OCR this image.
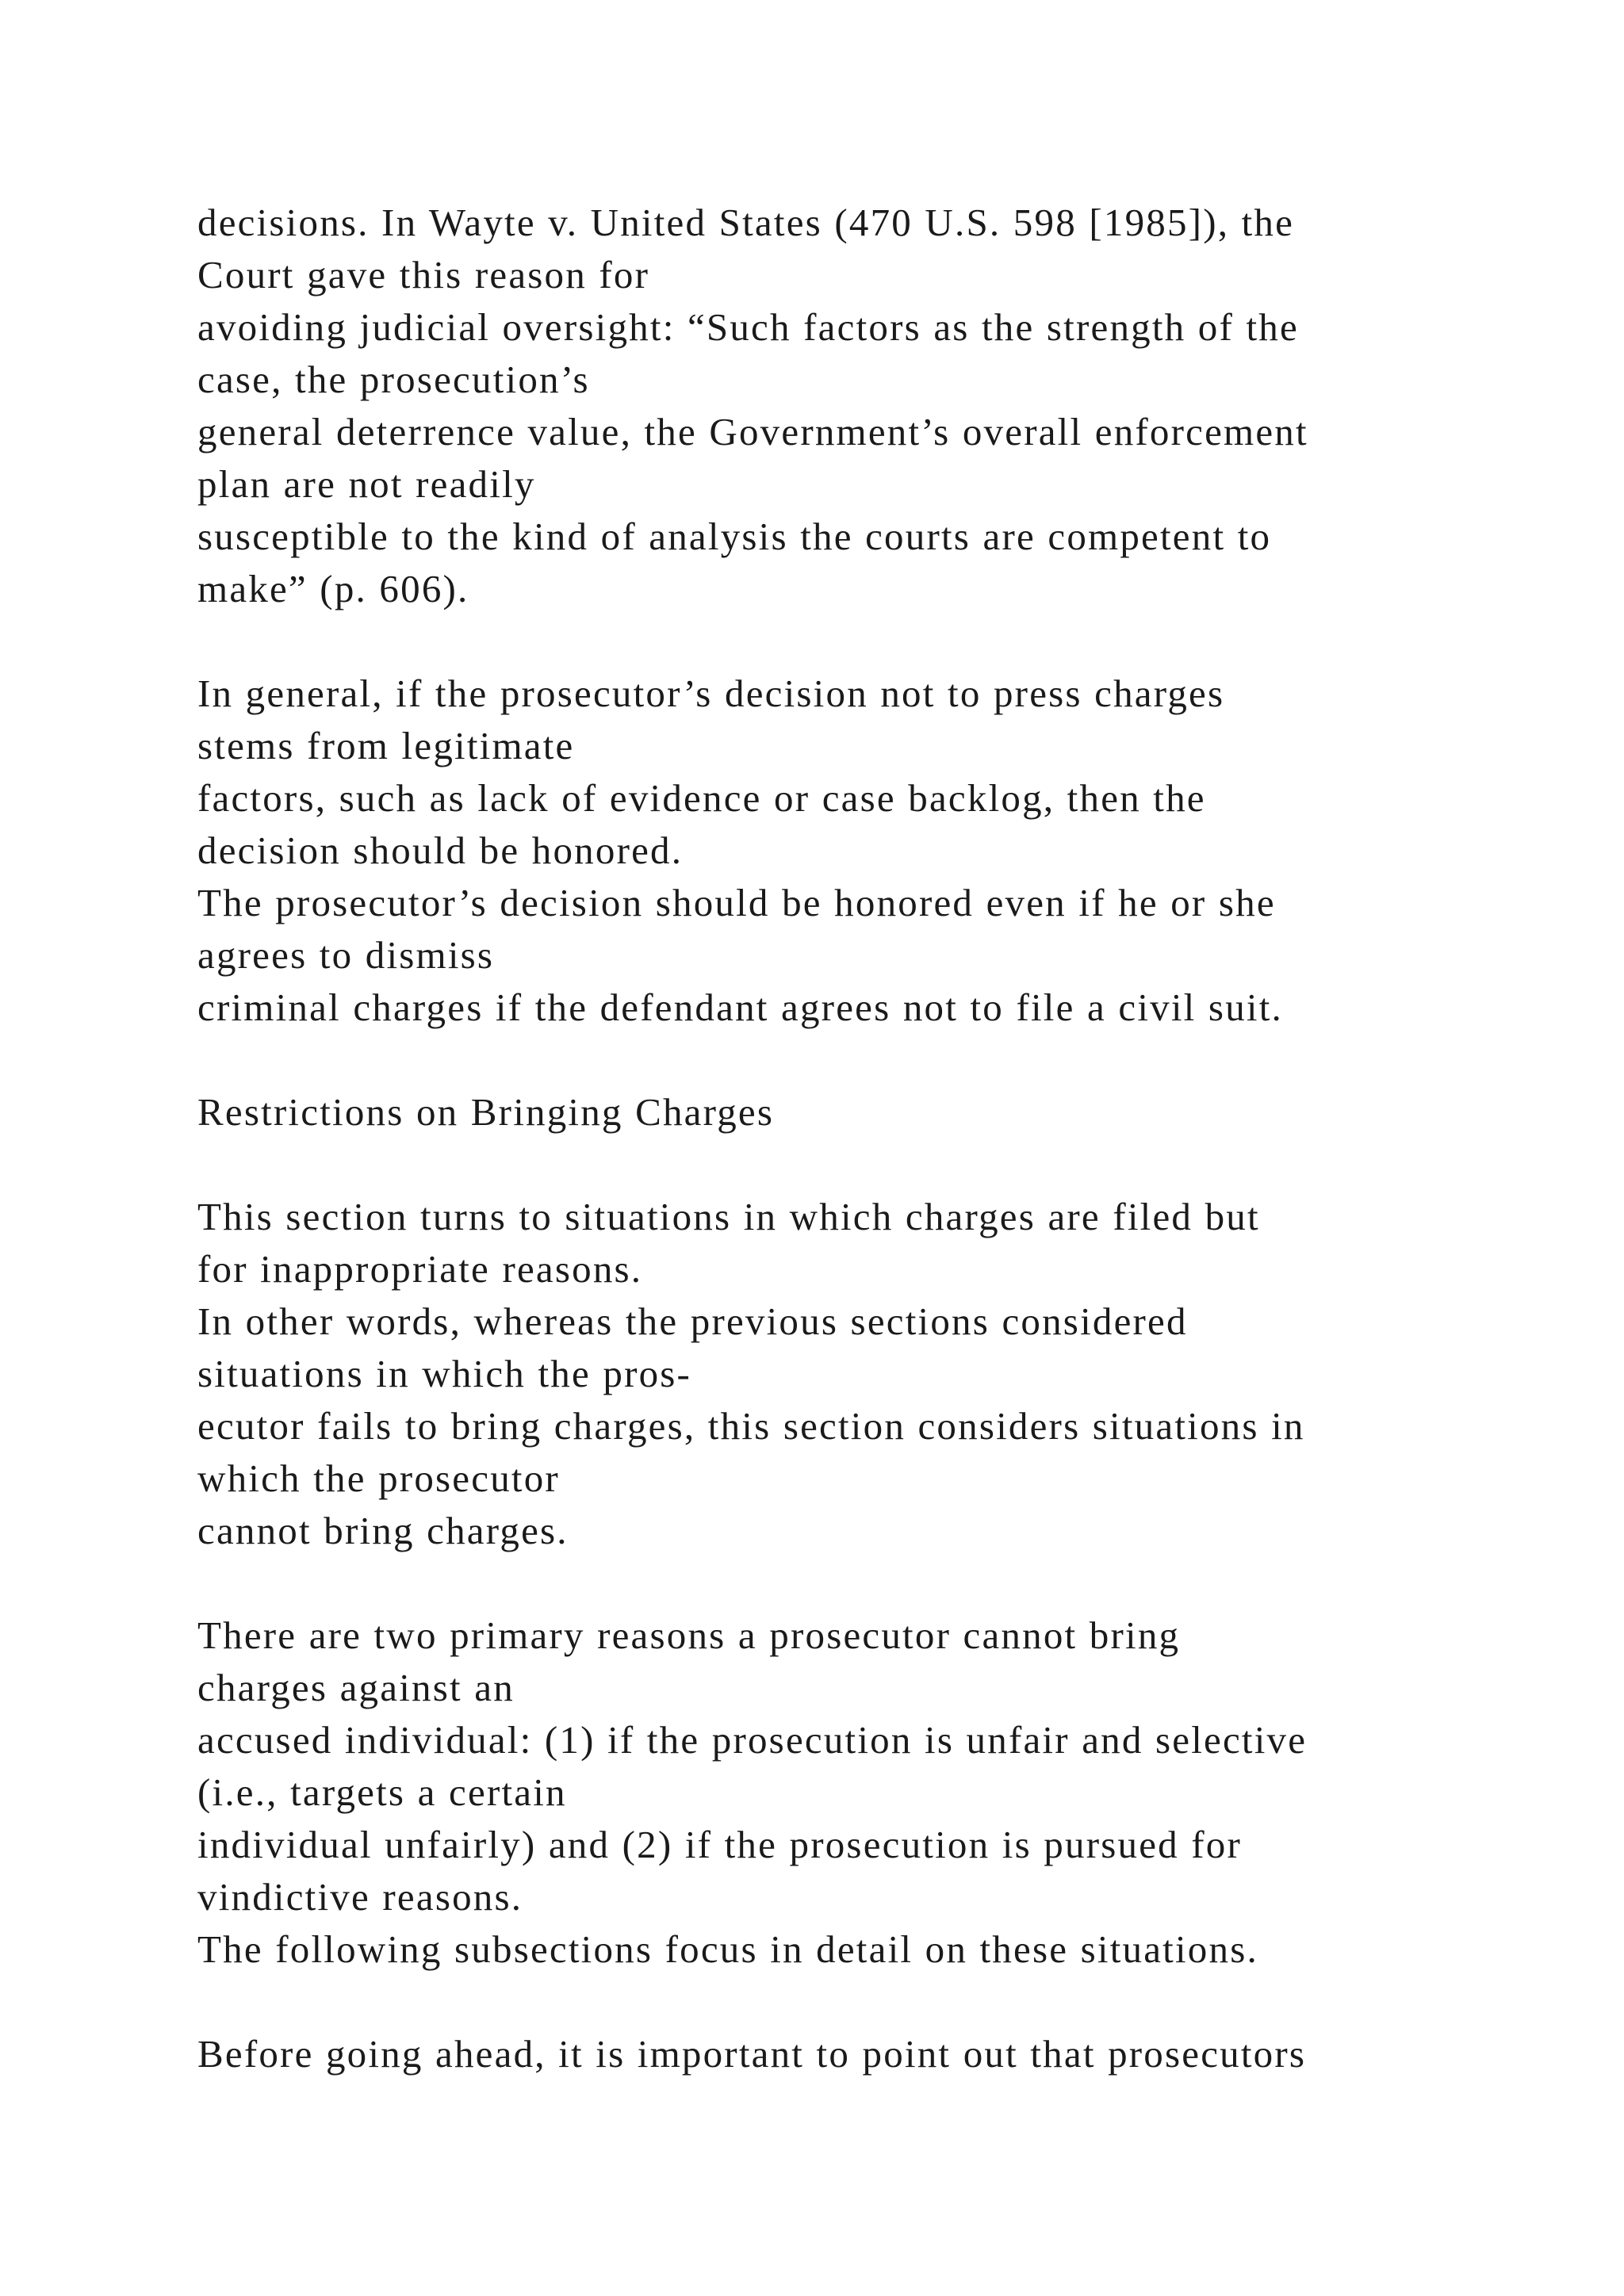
decisions. In Wayte v. United States (470 U.S. 598 [1985]), the
Court gave this reason for
avoiding judicial oversight: “Such factors as the strength of the
case, the prosecution’s
general deterrence value, the Government’s overall enforcement
plan are not readily
susceptible to the kind of analysis the courts are competent to
make” (p. 606).
In general, if the prosecutor’s decision not to press charges
stems from legitimate
factors, such as lack of evidence or case backlog, then the
decision should be honored.
The prosecutor’s decision should be honored even if he or she
agrees to dismiss
criminal charges if the defendant agrees not to file a civil suit.
Restrictions on Bringing Charges
This section turns to situations in which charges are filed but
for inappropriate reasons.
In other words, whereas the previous sections considered
situations in which the pros-
ecutor fails to bring charges, this section considers situations in
which the prosecutor
cannot bring charges.
There are two primary reasons a prosecutor cannot bring
charges against an
accused individual: (1) if the prosecution is unfair and selective
(i.e., targets a certain
individual unfairly) and (2) if the prosecution is pursued for
vindictive reasons.
The following subsections focus in detail on these situations.
Before going ahead, it is important to point out that prosecutors
